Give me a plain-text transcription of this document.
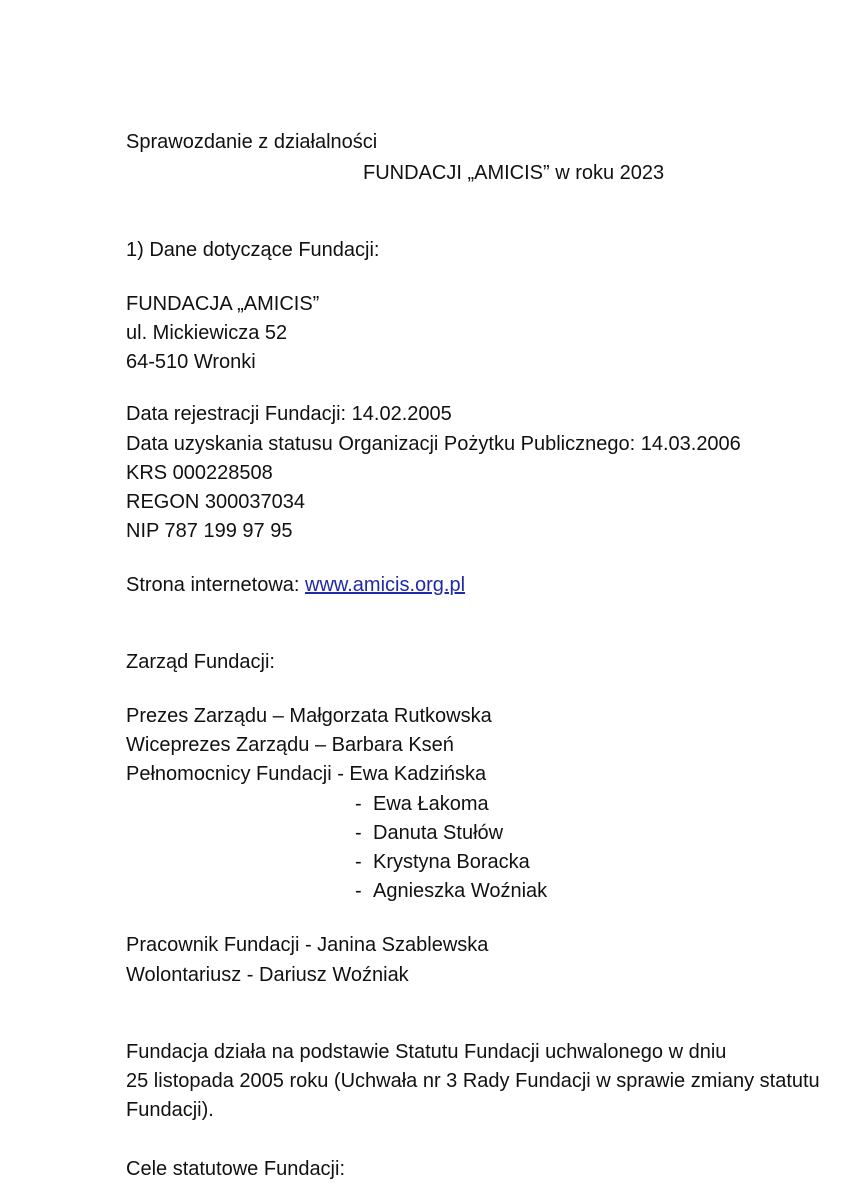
Sprawozdanie z działalności

FUNDACJI „AMICIS” w roku 2023

1) Dane dotyczące Fundacji:

FUNDACJA „AMICIS”

ul. Mickiewicza 52

64-510 Wronki

Data rejestracji Fundacji: 14.02.2005

Data uzyskania statusu Organizacji Pożytku Publicznego: 14.03.2006

KRS 000228508

REGON 300037034

NIP 787 199 97 95

Strona internetowa: www.amicis.org.pl

Zarząd Fundacji:

Prezes Zarządu – Małgorzata Rutkowska

Wiceprezes Zarządu – Barbara Kseń

Pełnomocnicy Fundacji - Ewa Kadzińska

- Ewa Łakoma

- Danuta Stułów

- Krystyna Boracka

- Agnieszka Woźniak

Pracownik Fundacji - Janina Szablewska

Wolontariusz - Dariusz Woźniak

Fundacja działa na podstawie Statutu Fundacji uchwalonego w dniu

25 listopada 2005 roku (Uchwała nr 3 Rady Fundacji w sprawie zmiany statutu

Fundacji).

Cele statutowe Fundacji:
